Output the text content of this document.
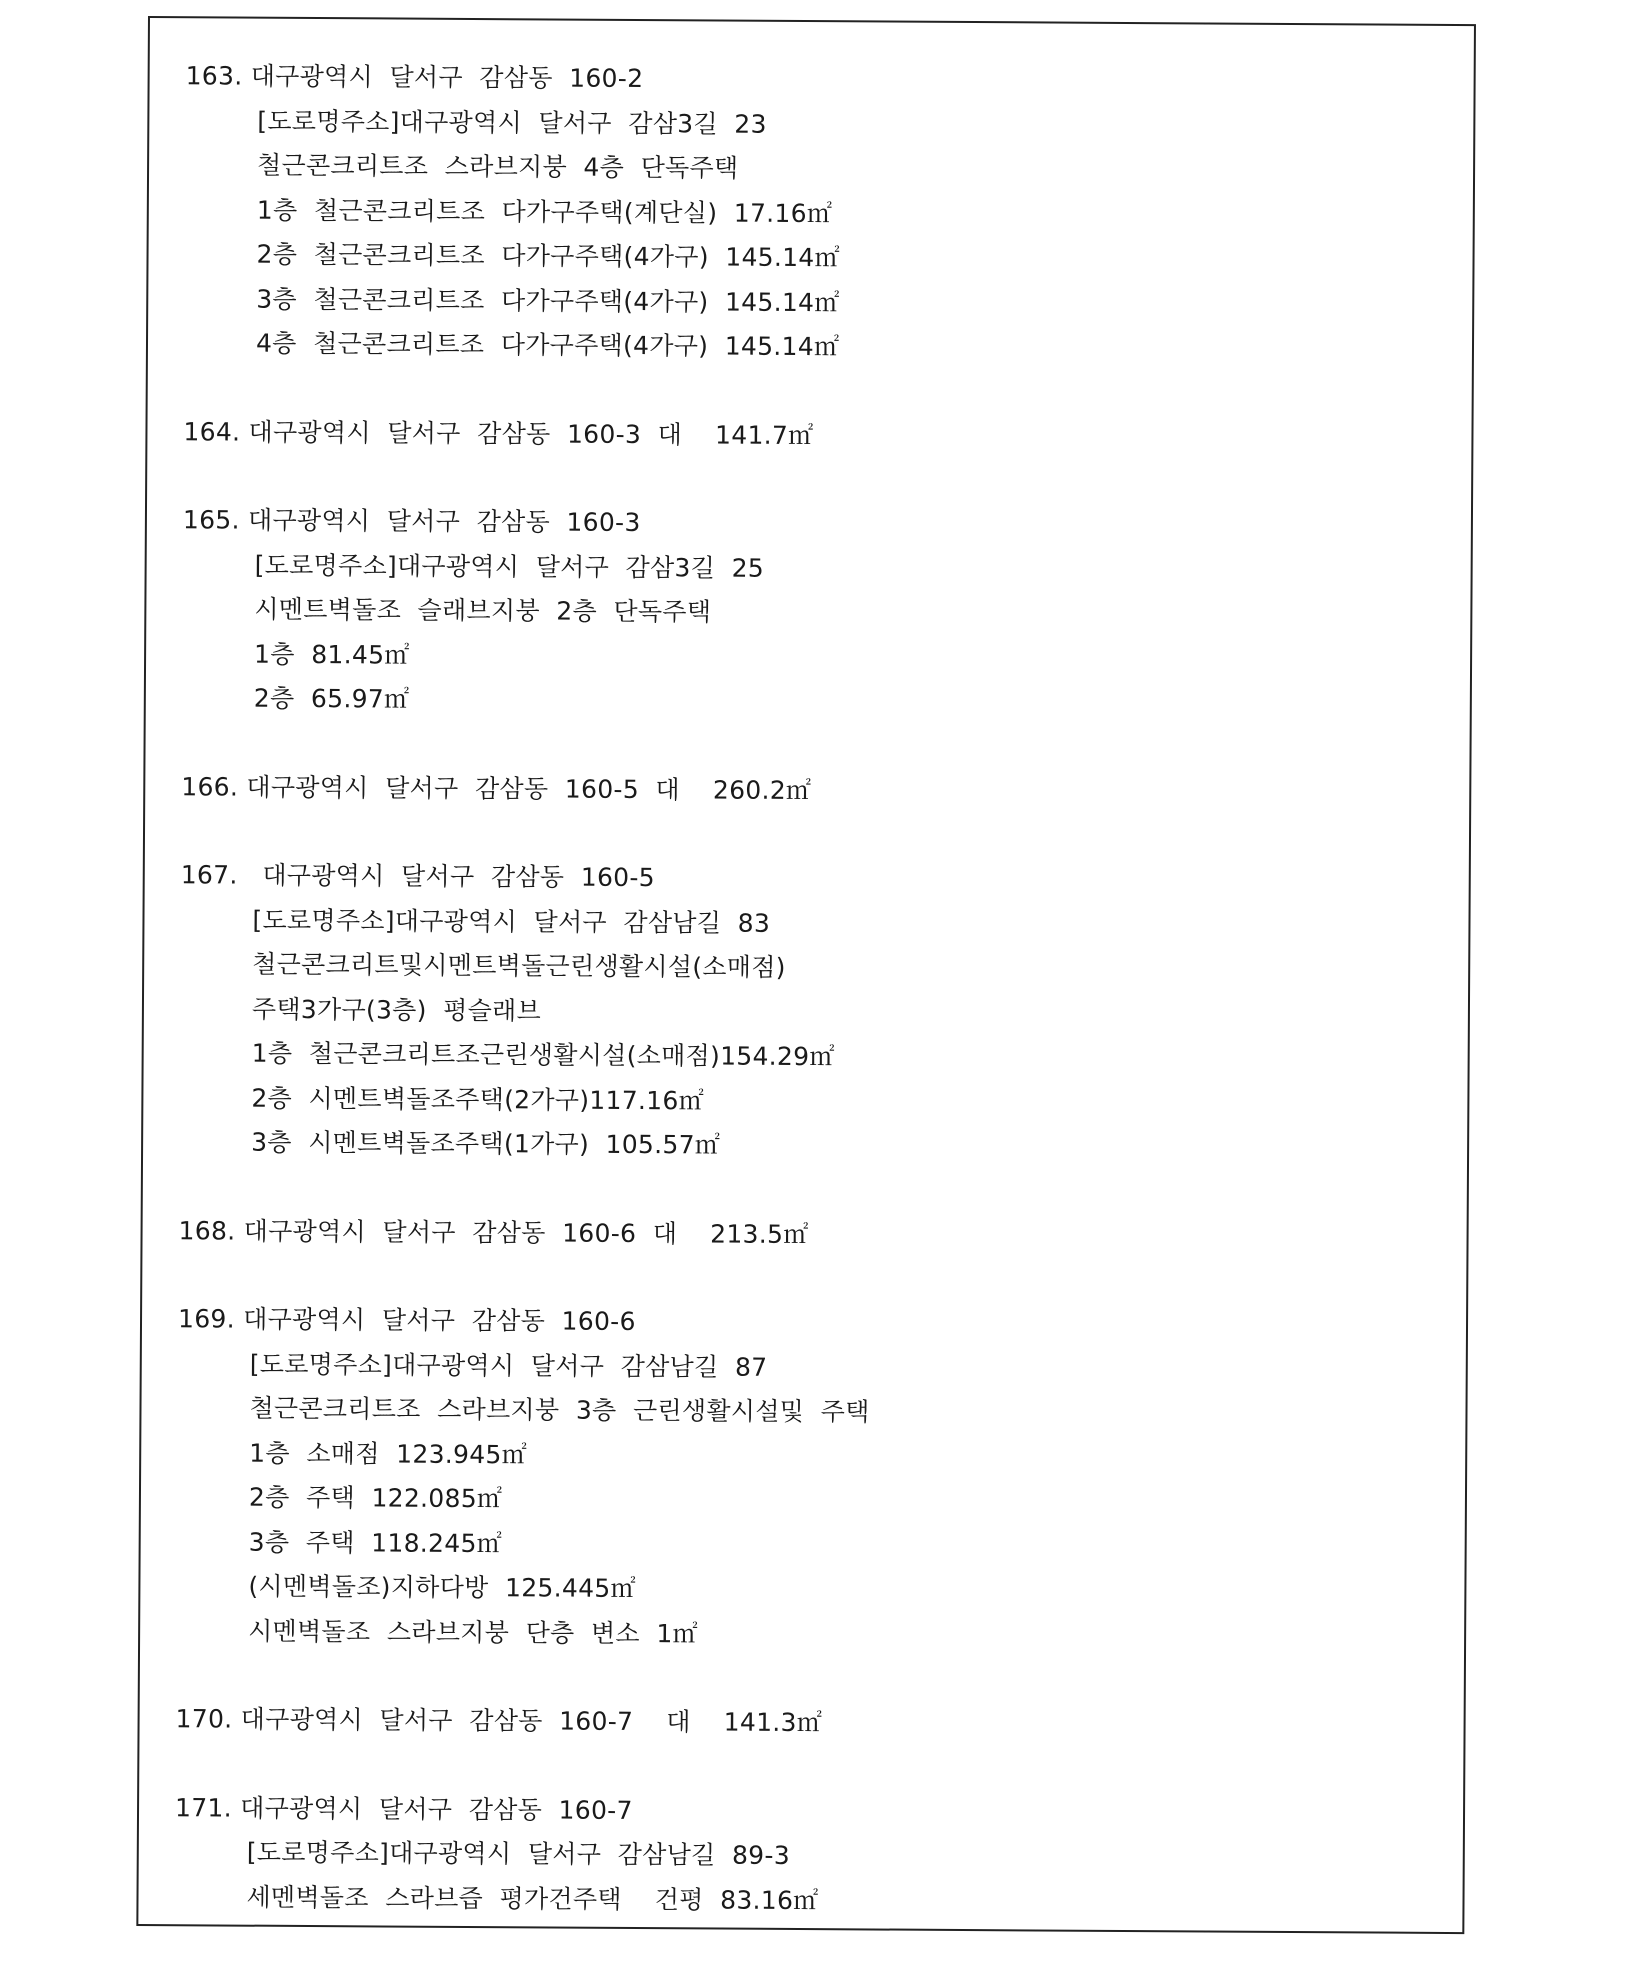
163. 대구광역시  달서구  감삼동  160-2
[도로명주소]대구광역시  달서구  감삼3길  23
철근콘크리트조  스라브지붕  4층  단독주택
1층  철근콘크리트조  다가구주택(계단실)  17.16㎡
2층  철근콘크리트조  다가구주택(4가구)  145.14㎡
3층  철근콘크리트조  다가구주택(4가구)  145.14㎡
4층  철근콘크리트조  다가구주택(4가구)  145.14㎡
164. 대구광역시  달서구  감삼동  160-3  대    141.7㎡
165. 대구광역시  달서구  감삼동  160-3
[도로명주소]대구광역시  달서구  감삼3길  25
시멘트벽돌조  슬래브지붕  2층  단독주택
1층  81.45㎡
2층  65.97㎡
166. 대구광역시  달서구  감삼동  160-5  대    260.2㎡
167.   대구광역시  달서구  감삼동  160-5
[도로명주소]대구광역시  달서구  감삼남길  83
철근콘크리트및시멘트벽돌근린생활시설(소매점)
주택3가구(3층)  평슬래브
1층  철근콘크리트조근린생활시설(소매점)154.29㎡
2층  시멘트벽돌조주택(2가구)117.16㎡
3층  시멘트벽돌조주택(1가구)  105.57㎡
168. 대구광역시  달서구  감삼동  160-6  대    213.5㎡
169. 대구광역시  달서구  감삼동  160-6
[도로명주소]대구광역시  달서구  감삼남길  87
철근콘크리트조  스라브지붕  3층  근린생활시설및  주택
1층  소매점  123.945㎡
2층  주택  122.085㎡
3층  주택  118.245㎡
(시멘벽돌조)지하다방  125.445㎡
시멘벽돌조  스라브지붕  단층  변소  1㎡
170. 대구광역시  달서구  감삼동  160-7    대    141.3㎡
171. 대구광역시  달서구  감삼동  160-7
[도로명주소]대구광역시  달서구  감삼남길  89-3
세멘벽돌조  스라브즙  평가건주택    건평  83.16㎡
